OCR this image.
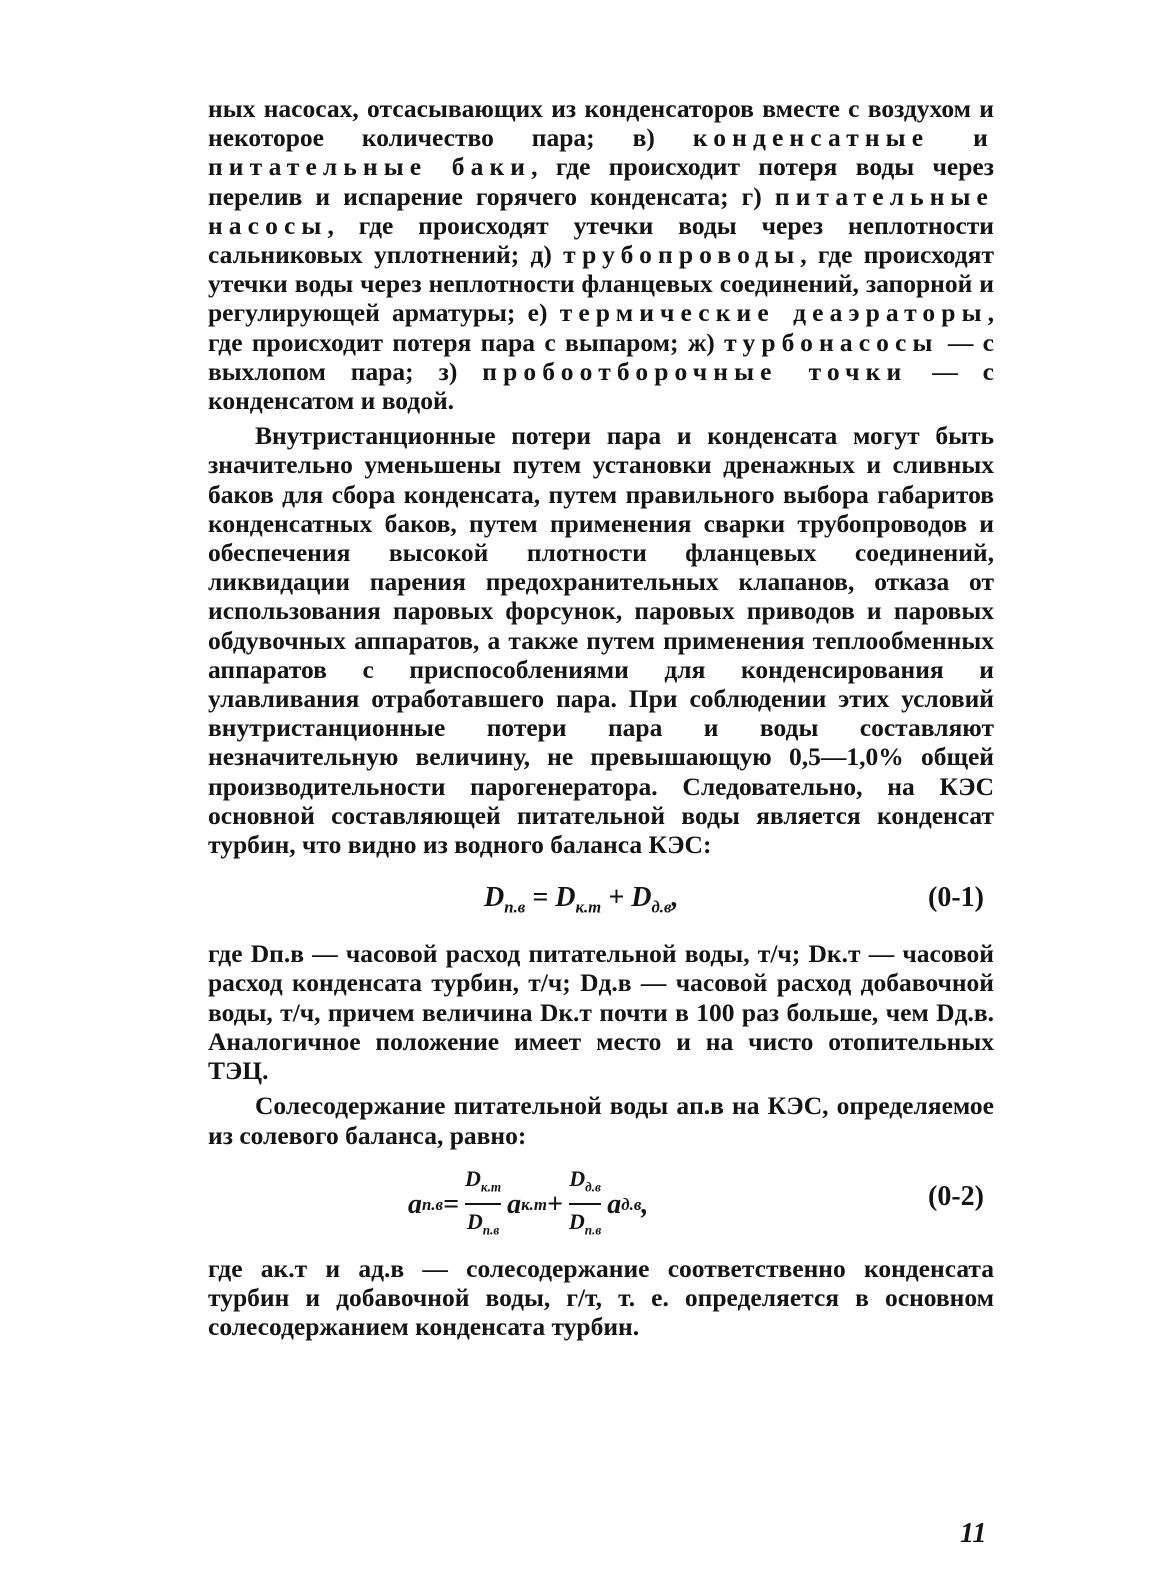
ных насосах, отсасывающих из конденсаторов вместе с воздухом и некоторое количество пара; в) конденсатные и питательные баки, где происходит потеря воды через перелив и испарение горячего конденсата; г) питательные насосы, где происходят утечки воды через неплотности сальниковых уплотнений; д) трубопроводы, где происходят утечки воды через неплотности фланцевых соединений, запорной и регулирующей арматуры; е) термические деаэраторы, где происходит потеря пара с выпаром; ж) турбонасосы — с выхлопом пара; з) пробоотборочные точки — с конденсатом и водой.

Внутристанционные потери пара и конденсата могут быть значительно уменьшены путем установки дренажных и сливных баков для сбора конденсата, путем правильного выбора габаритов конденсатных баков, путем применения сварки трубопроводов и обеспечения высокой плотности фланцевых соединений, ликвидации парения предохранительных клапанов, отказа от использования паровых форсунок, паровых приводов и паровых обдувочных аппаратов, а также путем применения теплообменных аппаратов с приспособлениями для конденсирования и улавливания отработавшего пара. При соблюдении этих условий внутристанционные потери пара и воды составляют незначительную величину, не превышающую 0,5—1,0% общей производительности парогенератора. Следовательно, на КЭС основной составляющей питательной воды является конденсат турбин, что видно из водного баланса КЭС:

$D_{п.в} = D_{к.т} + D_{д.в}$,	(0-1)

где Dп.в — часовой расход питательной воды, т/ч; Dк.т — часовой расход конденсата турбин, т/ч; Dд.в — часовой расход добавочной воды, т/ч, причем величина Dк.т почти в 100 раз больше, чем Dд.в. Аналогичное положение имеет место и на чисто отопительных ТЭЦ.

Солесодержание питательной воды aп.в на КЭС, определяемое из солевого баланса, равно:

a $п.в = \frac{D_{к.т}}{D_{п.в}}$ a $к.т + \frac{D_{д.в}}{D_{п.в}}$ a д.в ,	(0-2)

где aк.т и aд.в — солесодержание соответственно конденсата турбин и добавочной воды, г/т, т. е. определяется в основном солесодержанием конденсата турбин.

11
